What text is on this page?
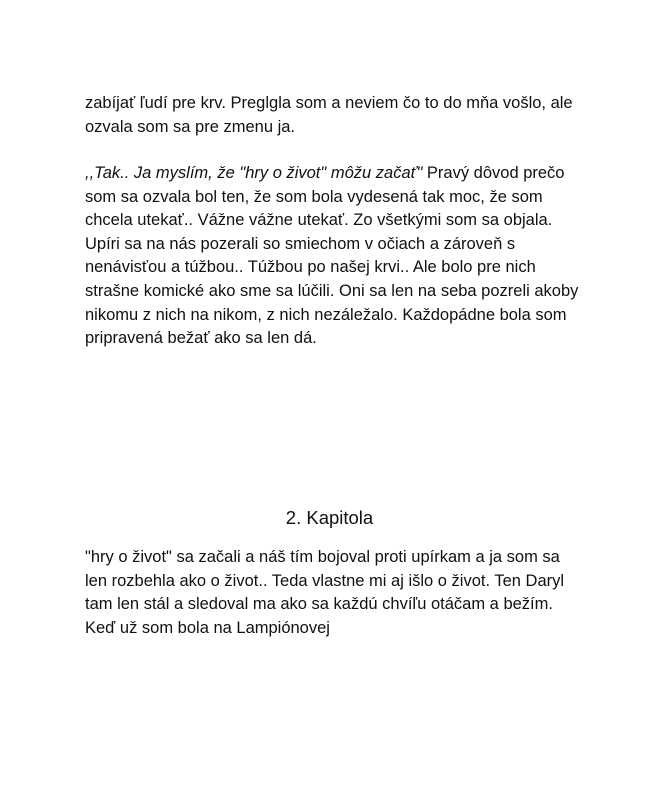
zabíjať ľudí pre krv. Preglgla som a neviem čo to do mňa vošlo, ale ozvala som sa pre zmenu ja.

,,Tak.. Ja myslím, že "hry o život" môžu začať" Pravý dôvod prečo som sa ozvala bol ten, že som bola vydesená tak moc, že som chcela utekať.. Vážne vážne utekať. Zo všetkými som sa objala. Upíri sa na nás pozerali so smiechom v očiach a zároveň s nenávisťou a túžbou.. Túžbou po našej krvi.. Ale bolo pre nich strašne komické ako sme sa lúčili. Oni sa len na seba pozreli akoby nikomu z nich na nikom, z nich nezáležalo. Každopádne bola som pripravená bežať ako sa len dá.

2. Kapitola

"hry o život" sa začali a náš tím bojoval proti upírkam a ja som sa len rozbehla ako o život.. Teda vlastne mi aj išlo o život. Ten Daryl tam len stál a sledoval ma ako sa každú chvíľu otáčam a bežím. Keď už som bola na Lampiónovej
